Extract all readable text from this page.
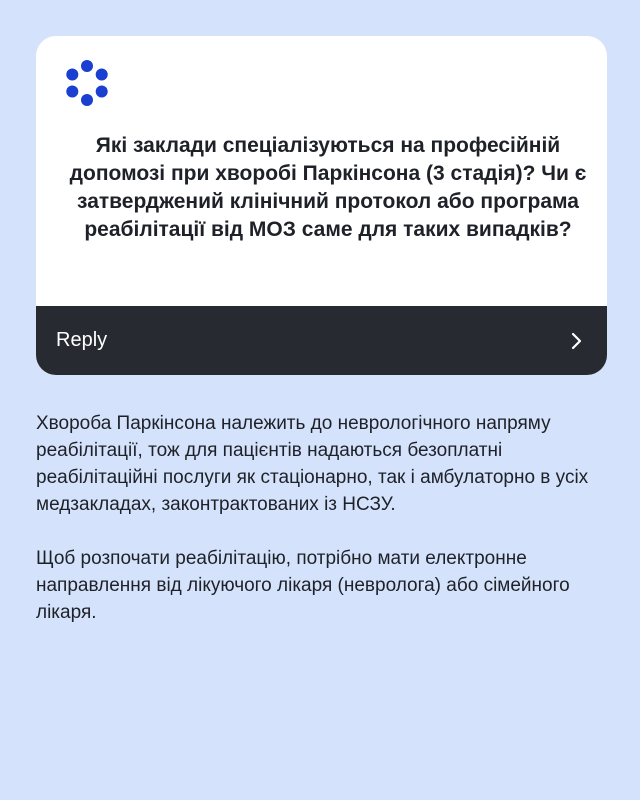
Які заклади спеціалізуються на професійній допомозі при хворобі Паркінсона (3 стадія)? Чи є затверджений клінічний протокол або програма реабілітації від МОЗ саме для таких випадків?

Reply

Хвороба Паркінсона належить до неврологічного напряму реабілітації, тож для пацієнтів надаються безоплатні реабілітаційні послуги як стаціонарно, так і амбулаторно в усіх медзакладах, законтрактованих із НСЗУ.

Щоб розпочати реабілітацію, потрібно мати електронне направлення від лікуючого лікаря (невролога) або сімейного лікаря.
